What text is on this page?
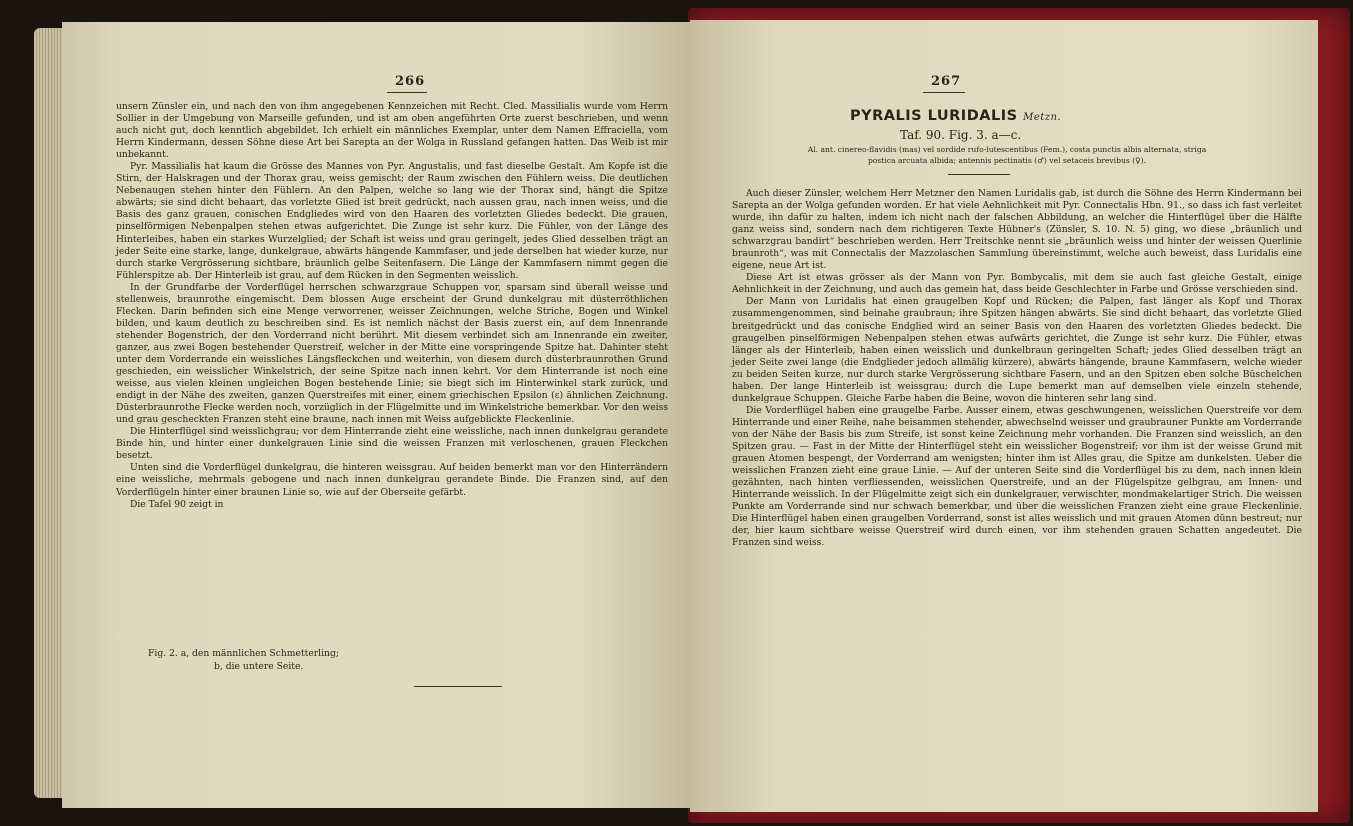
266

unsern Zünsler ein, und nach den von ihm angegebenen Kennzeichen mit Recht. Cled. Massilialis wurde vom Herrn Sollier in der Umgebung von Marseille gefunden, und ist am oben angeführten Orte zuerst beschrieben, und wenn auch nicht gut, doch kenntlich abgebildet. Ich erhielt ein männliches Exemplar, unter dem Namen Effraciella, vom Herrn Kindermann, dessen Söhne diese Art bei Sarepta an der Wolga in Russland gefangen hatten. Das Weib ist mir unbekannt.

Pyr. Massilialis hat kaum die Grösse des Mannes von Pyr. Angustalis, und fast dieselbe Gestalt. Am Kopfe ist die Stirn, der Halskragen und der Thorax grau, weiss gemischt; der Raum zwischen den Fühlern weiss. Die deutlichen Nebenaugen stehen hinter den Fühlern. An den Palpen, welche so lang wie der Thorax sind, hängt die Spitze abwärts; sie sind dicht behaart, das vorletzte Glied ist breit gedrückt, nach aussen grau, nach innen weiss, und die Basis des ganz grauen, conischen Endgliedes wird von den Haaren des vorletzten Gliedes bedeckt. Die grauen, pinselförmigen Nebenpalpen stehen etwas aufgerichtet. Die Zunge ist sehr kurz. Die Fühler, von der Länge des Hinterleibes, haben ein starkes Wurzelglied; der Schaft ist weiss und grau geringelt, jedes Glied desselben trägt an jeder Seite eine starke, lange, dunkelgraue, abwärts hängende Kammfaser, und jede derselben hat wieder kurze, nur durch starke Vergrösserung sichtbare, bräunlich gelbe Seitenfasern. Die Länge der Kammfasern nimmt gegen die Fühlerspitze ab. Der Hinterleib ist grau, auf dem Rücken in den Segmenten weisslich.

In der Grundfarbe der Vorderflügel herrschen schwarzgraue Schuppen vor, sparsam sind überall weisse und stellenweis, braunrothe eingemischt. Dem blossen Auge erscheint der Grund dunkelgrau mit düsterröthlichen Flecken. Darin befinden sich eine Menge verworrener, weisser Zeichnungen, welche Striche, Bogen und Winkel bilden, und kaum deutlich zu beschreiben sind. Es ist nemlich nächst der Basis zuerst ein, auf dem Innenrande stehender Bogenstrich, der den Vorderrand nicht berührt. Mit diesem verbindet sich am Innenrande ein zweiter, ganzer, aus zwei Bogen bestehender Querstreif, welcher in der Mitte eine vorspringende Spitze hat. Dahinter steht unter dem Vorderrande ein weissliches Längsfleckchen und weiterhin, von diesem durch düsterbraunrothen Grund geschieden, ein weisslicher Winkelstrich, der seine Spitze nach innen kehrt. Vor dem Hinterrande ist noch eine weisse, aus vielen kleinen ungleichen Bogen bestehende Linie; sie biegt sich im Hinterwinkel stark zurück, und endigt in der Nähe des zweiten, ganzen Querstreifes mit einer, einem griechischen Epsilon (ε) ähnlichen Zeichnung. Düsterbraunrothe Flecke werden noch, vorzüglich in der Flügelmitte und im Winkelstriche bemerkbar. Vor den weiss und grau gescheckten Franzen steht eine braune, nach innen mit Weiss aufgeblickte Fleckenlinie.

Die Hinterflügel sind weisslichgrau; vor dem Hinterrande zieht eine weissliche, nach innen dunkelgrau gerandete Binde hin, und hinter einer dunkelgrauen Linie sind die weissen Franzen mit verloschenen, grauen Fleckchen besetzt.

Unten sind die Vorderflügel dunkelgrau, die hinteren weissgrau. Auf beiden bemerkt man vor den Hinterrändern eine weissliche, mehrmals gebogene und nach innen dunkelgrau gerandete Binde. Die Franzen sind, auf den Vorderflügeln hinter einer braunen Linie so, wie auf der Oberseite gefärbt.

Die Tafel 90 zeigt in

Fig. 2. a, den männlichen Schmetterling;
b, die untere Seite.
267
PYRALIS LURIDALIS Metzn.
Taf. 90. Fig. 3. a—c.
Al. ant. cinereo-flavidis (mas) vel sordide rufo-lutescentibus (Fem.), costa punctis albis alternata, striga
postica arcuata albida; antennis pectinatis (♂) vel setaceis brevibus (♀).

Auch dieser Zünsler, welchem Herr Metzner den Namen Luridalis gab, ist durch die Söhne des Herrn Kindermann bei Sarepta an der Wolga gefunden worden. Er hat viele Aehnlichkeit mit Pyr. Connectalis Hbn. 91., so dass ich fast verleitet wurde, ihn dafür zu halten, indem ich nicht nach der falschen Abbildung, an welcher die Hinterflügel über die Hälfte ganz weiss sind, sondern nach dem richtigeren Texte Hübner's (Zünsler, S. 10. N. 5) ging, wo diese „bräunlich und schwarzgrau bandirt“ beschrieben werden. Herr Treitschke nennt sie „bräunlich weiss und hinter der weissen Querlinie braunroth“, was mit Connectalis der Mazzolaschen Sammlung übereinstimmt, welche auch beweist, dass Luridalis eine eigene, neue Art ist.

Diese Art ist etwas grösser als der Mann von Pyr. Bombycalis, mit dem sie auch fast gleiche Gestalt, einige Aehnlichkeit in der Zeichnung, und auch das gemein hat, dass beide Geschlechter in Farbe und Grösse verschieden sind.

Der Mann von Luridalis hat einen graugelben Kopf und Rücken; die Palpen, fast länger als Kopf und Thorax zusammengenommen, sind beinahe graubraun; ihre Spitzen hängen abwärts. Sie sind dicht behaart, das vorletzte Glied breitgedrückt und das conische Endglied wird an seiner Basis von den Haaren des vorletzten Gliedes bedeckt. Die graugelben pinselförmigen Nebenpalpen stehen etwas aufwärts gerichtet, die Zunge ist sehr kurz. Die Fühler, etwas länger als der Hinterleib, haben einen weisslich und dunkelbraun geringelten Schaft; jedes Glied desselben trägt an jeder Seite zwei lange (die Endglieder jedoch allmälig kürzere), abwärts hängende, braune Kammfasern, welche wieder zu beiden Seiten kurze, nur durch starke Vergrösserung sichtbare Fasern, und an den Spitzen eben solche Büschelchen haben. Der lange Hinterleib ist weissgrau; durch die Lupe bemerkt man auf demselben viele einzeln stehende, dunkelgraue Schuppen. Gleiche Farbe haben die Beine, wovon die hinteren sehr lang sind.

Die Vorderflügel haben eine graugelbe Farbe. Ausser einem, etwas geschwungenen, weisslichen Querstreife vor dem Hinterrande und einer Reihe, nahe beisammen stehender, abwechselnd weisser und graubrauner Punkte am Vorderrande von der Nähe der Basis bis zum Streife, ist sonst keine Zeichnung mehr vorhanden. Die Franzen sind weisslich, an den Spitzen grau. — Fast in der Mitte der Hinterflügel steht ein weisslicher Bogenstreif; vor ihm ist der weisse Grund mit grauen Atomen bespengt, der Vorderrand am wenigsten; hinter ihm ist Alles grau, die Spitze am dunkelsten. Ueber die weisslichen Franzen zieht eine graue Linie. — Auf der unteren Seite sind die Vorderflügel bis zu dem, nach innen klein gezähnten, nach hinten verfliessenden, weisslichen Querstreife, und an der Flügelspitze gelbgrau, am Innen- und Hinterrande weisslich. In der Flügelmitte zeigt sich ein dunkelgrauer, verwischter, mondmakelartiger Strich. Die weissen Punkte am Vorderrande sind nur schwach bemerkbar, und über die weisslichen Franzen zieht eine graue Fleckenlinie. Die Hinterflügel haben einen graugelben Vorderrand, sonst ist alles weisslich und mit grauen Atomen dünn bestreut; nur der, hier kaum sichtbare weisse Querstreif wird durch einen, vor ihm stehenden grauen Schatten angedeutet. Die Franzen sind weiss.
